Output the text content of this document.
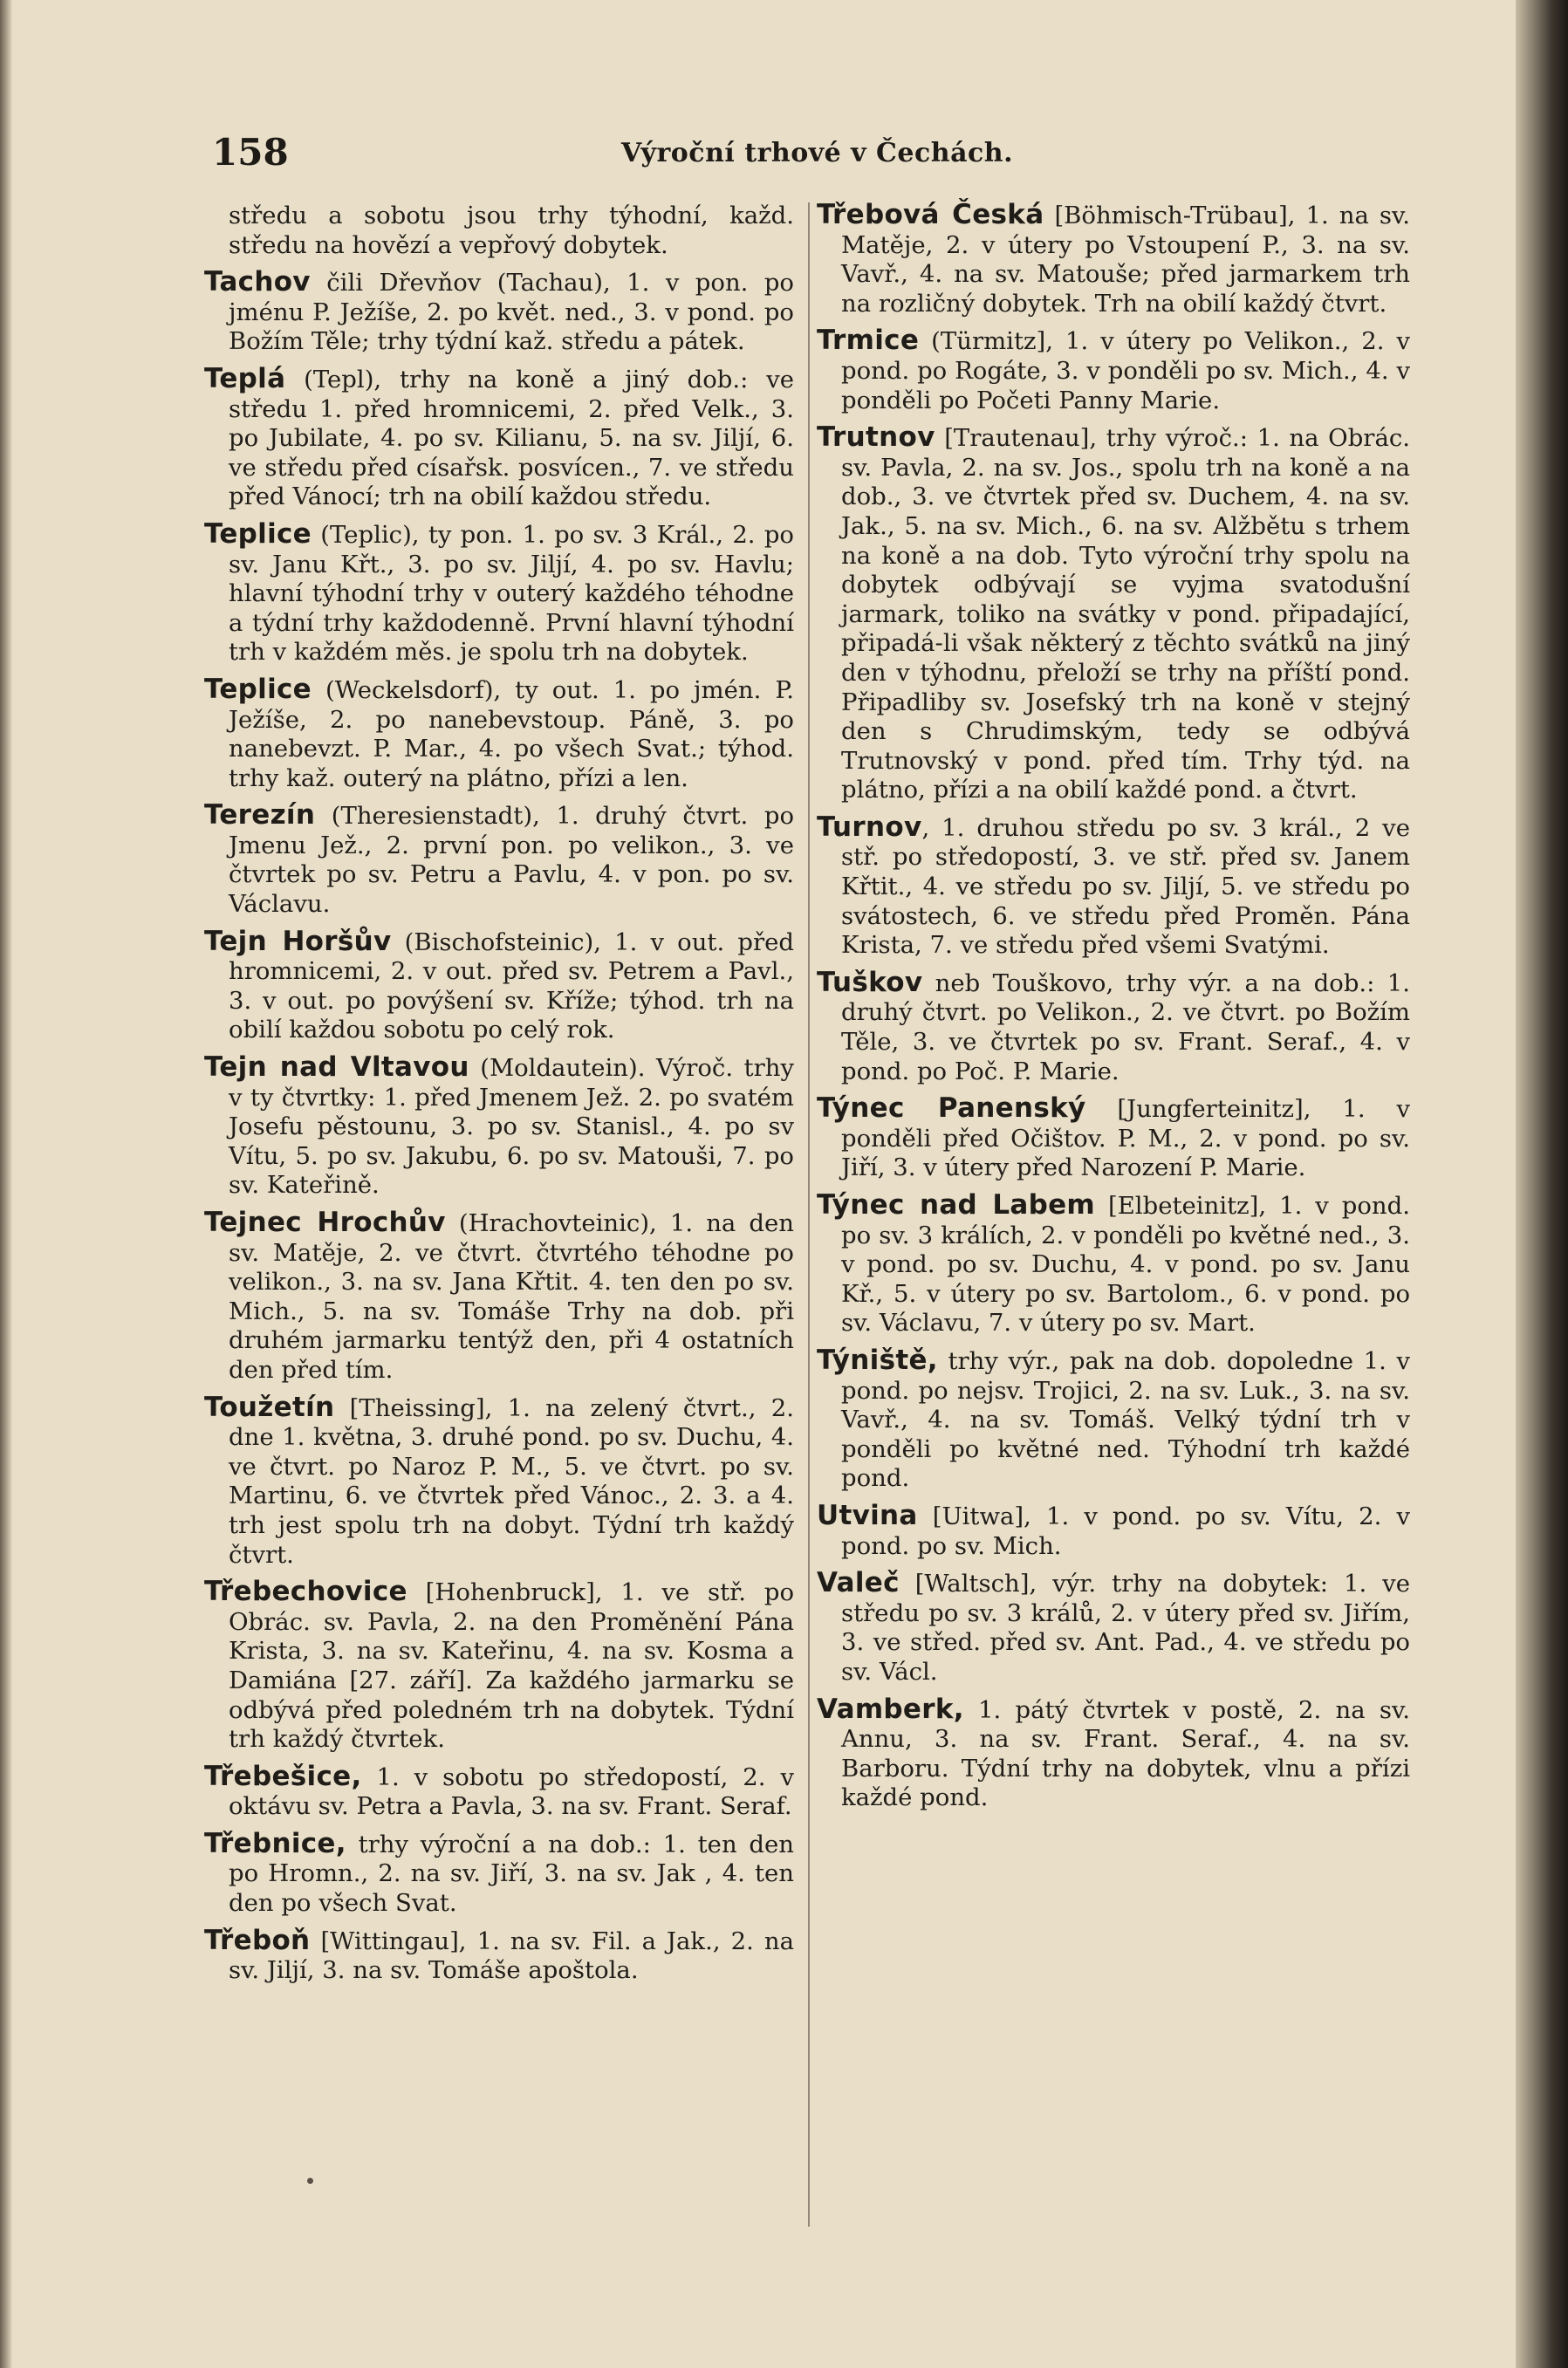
158	Výroční trhové v Čechách.

středu a sobotu jsou trhy týhodní, každ. středu na hovězí a vepřový dobytek.

Tachov čili Dřevňov (Tachau), 1. v pon. po jménu P. Ježíše, 2. po květ. ned., 3. v pond. po Božím Těle; trhy týdní kaž. středu a pátek.

Teplá (Tepl), trhy na koně a jiný dob.: ve středu 1. před hromnicemi, 2. před Velk., 3. po Jubilate, 4. po sv. Kilianu, 5. na sv. Jiljí, 6. ve středu před císařsk. posvícen., 7. ve středu před Vánocí; trh na obilí každou středu.

Teplice (Teplic), ty pon. 1. po sv. 3 Král., 2. po sv. Janu Křt., 3. po sv. Jiljí, 4. po sv. Havlu; hlavní týhodní trhy v outerý každého téhodne a týdní trhy každodenně. První hlavní týhodní trh v každém měs. je spolu trh na dobytek.

Teplice (Weckelsdorf), ty out. 1. po jmén. P. Ježíše, 2. po nanebevstoup. Páně, 3. po nanebevzt. P. Mar., 4. po všech Svat.; týhod. trhy kaž. outerý na plátno, přízi a len.

Terezín (Theresienstadt), 1. druhý čtvrt. po Jmenu Jež., 2. první pon. po velikon., 3. ve čtvrtek po sv. Petru a Pavlu, 4. v pon. po sv. Václavu.

Tejn Horšův (Bischofsteinic), 1. v out. před hromnicemi, 2. v out. před sv. Petrem a Pavl., 3. v out. po povýšení sv. Kříže; týhod. trh na obilí každou sobotu po celý rok.

Tejn nad Vltavou (Moldautein). Výroč. trhy v ty čtvrtky: 1. před Jmenem Jež. 2. po svatém Josefu pěstounu, 3. po sv. Stanisl., 4. po sv Vítu, 5. po sv. Jakubu, 6. po sv. Matouši, 7. po sv. Kateřině.

Tejnec Hrochův (Hrachovteinic), 1. na den sv. Matěje, 2. ve čtvrt. čtvrtého téhodne po velikon., 3. na sv. Jana Křtit. 4. ten den po sv. Mich., 5. na sv. Tomáše Trhy na dob. při druhém jarmarku tentýž den, při 4 ostatních den před tím.

Toužetín [Theissing], 1. na zelený čtvrt., 2. dne 1. května, 3. druhé pond. po sv. Duchu, 4. ve čtvrt. po Naroz P. M., 5. ve čtvrt. po sv. Martinu, 6. ve čtvrtek před Vánoc., 2. 3. a 4. trh jest spolu trh na dobyt. Týdní trh každý čtvrt.

Třebechovice [Hohenbruck], 1. ve stř. po Obrác. sv. Pavla, 2. na den Proměnění Pána Krista, 3. na sv. Kateřinu, 4. na sv. Kosma a Damiána [27. září]. Za každého jarmarku se odbývá před poledném trh na dobytek. Týdní trh každý čtvrtek.

Třebešice, 1. v sobotu po středopostí, 2. v oktávu sv. Petra a Pavla, 3. na sv. Frant. Seraf.

Třebnice, trhy výroční a na dob.: 1. ten den po Hromn., 2. na sv. Jiří, 3. na sv. Jak , 4. ten den po všech Svat.

Třeboň [Wittingau], 1. na sv. Fil. a Jak., 2. na sv. Jiljí, 3. na sv. Tomáše apoštola.

Třebová Česká [Böhmisch-Trübau], 1. na sv. Matěje, 2. v útery po Vstoupení P., 3. na sv. Vavř., 4. na sv. Matouše; před jarmarkem trh na rozličný dobytek. Trh na obilí každý čtvrt.

Trmice (Türmitz], 1. v útery po Velikon., 2. v pond. po Rogáte, 3. v ponděli po sv. Mich., 4. v ponděli po Početi Panny Marie.

Trutnov [Trautenau], trhy výroč.: 1. na Obrác. sv. Pavla, 2. na sv. Jos., spolu trh na koně a na dob., 3. ve čtvrtek před sv. Duchem, 4. na sv. Jak., 5. na sv. Mich., 6. na sv. Alžbětu s trhem na koně a na dob. Tyto výroční trhy spolu na dobytek odbývají se vyjma svatodušní jarmark, toliko na svátky v pond. připadající, připadá-li však některý z těchto svátků na jiný den v týhodnu, přeloží se trhy na příští pond. Připadliby sv. Josefský trh na koně v stejný den s Chrudimským, tedy se odbývá Trutnovský v pond. před tím. Trhy týd. na plátno, přízi a na obilí každé pond. a čtvrt.

Turnov, 1. druhou středu po sv. 3 král., 2 ve stř. po středopostí, 3. ve stř. před sv. Janem Křtit., 4. ve středu po sv. Jiljí, 5. ve středu po svátostech, 6. ve středu před Proměn. Pána Krista, 7. ve středu před všemi Svatými.

Tuškov neb Touškovo, trhy výr. a na dob.: 1. druhý čtvrt. po Velikon., 2. ve čtvrt. po Božím Těle, 3. ve čtvrtek po sv. Frant. Seraf., 4. v pond. po Poč. P. Marie.

Týnec Panenský [Jungferteinitz], 1. v ponděli před Očištov. P. M., 2. v pond. po sv. Jiří, 3. v útery před Narození P. Marie.

Týnec nad Labem [Elbeteinitz], 1. v pond. po sv. 3 králích, 2. v ponděli po květné ned., 3. v pond. po sv. Duchu, 4. v pond. po sv. Janu Kř., 5. v útery po sv. Bartolom., 6. v pond. po sv. Václavu, 7. v útery po sv. Mart.

Týniště, trhy výr., pak na dob. dopoledne 1. v pond. po nejsv. Trojici, 2. na sv. Luk., 3. na sv. Vavř., 4. na sv. Tomáš. Velký týdní trh v ponděli po květné ned. Týhodní trh každé pond.

Utvina [Uitwa], 1. v pond. po sv. Vítu, 2. v pond. po sv. Mich.

Valeč [Waltsch], výr. trhy na dobytek: 1. ve středu po sv. 3 králů, 2. v útery před sv. Jiřím, 3. ve střed. před sv. Ant. Pad., 4. ve středu po sv. Václ.

Vamberk, 1. pátý čtvrtek v postě, 2. na sv. Annu, 3. na sv. Frant. Seraf., 4. na sv. Barboru. Týdní trhy na dobytek, vlnu a přízi každé pond.
